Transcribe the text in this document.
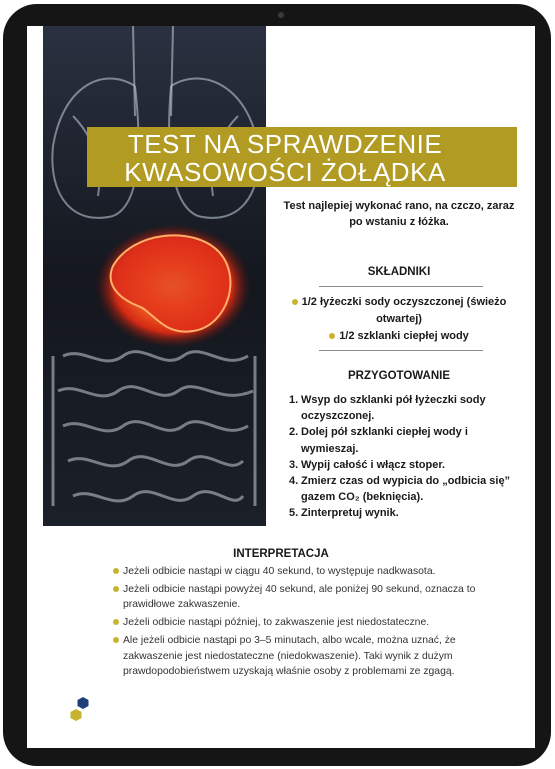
TEST NA SPRAWDZENIE
KWASOWOŚCI ŻOŁĄDKA
Test najlepiej wykonać rano, na czczo, zaraz po wstaniu z łóżka.
SKŁADNIKI
1/2 łyżeczki sody oczyszczonej (świeżo otwartej)
1/2 szklanki ciepłej wody
PRZYGOTOWANIE
1. Wsyp do szklanki pół łyżeczki sody oczyszczonej.
2. Dolej pół szklanki ciepłej wody i wymieszaj.
3. Wypij całość i włącz stoper.
4. Zmierz czas od wypicia do „odbicia się” gazem CO₂ (beknięcia).
5. Zinterpretuj wynik.
INTERPRETACJA
Jeżeli odbicie nastąpi w ciągu 40 sekund, to występuje nadkwasota.
Jeżeli odbicie nastąpi powyżej 40 sekund, ale poniżej 90 sekund, oznacza to prawidłowe zakwaszenie.
Jeżeli odbicie nastąpi później, to zakwaszenie jest niedostateczne.
Ale jeżeli odbicie nastąpi po 3–5 minutach, albo wcale, można uznać, że zakwaszenie jest niedostateczne (niedokwaszenie). Taki wynik z dużym prawdopodobieństwem uzyskają właśnie osoby z problemami ze zgagą.
